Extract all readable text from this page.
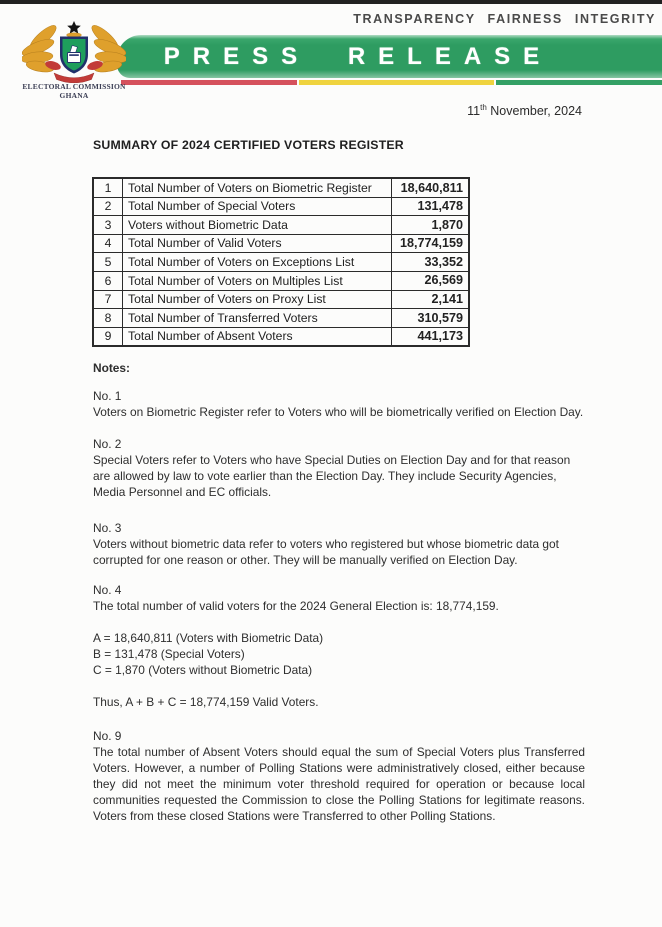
TRANSPARENCY FAIRNESS INTEGRITY
PRESS RELEASE
ELECTORAL COMMISSION
GHANA
11th November, 2024
SUMMARY OF 2024 CERTIFIED VOTERS REGISTER
1	Total Number of Voters on Biometric Register	18,640,811
2	Total Number of Special Voters	131,478
3	Voters without Biometric Data	1,870
4	Total Number of Valid Voters	18,774,159
5	Total Number of Voters on Exceptions List	33,352
6	Total Number of Voters on Multiples List	26,569
7	Total Number of Voters on Proxy List	2,141
8	Total Number of Transferred Voters	310,579
9	Total Number of Absent Voters	441,173
Notes:
No. 1
Voters on Biometric Register refer to Voters who will be biometrically verified on Election Day.
No. 2
Special Voters refer to Voters who have Special Duties on Election Day and for that reason are allowed by law to vote earlier than the Election Day. They include Security Agencies, Media Personnel and EC officials.
No. 3
Voters without biometric data refer to voters who registered but whose biometric data got corrupted for one reason or other. They will be manually verified on Election Day.
No. 4
The total number of valid voters for the 2024 General Election is: 18,774,159.
A = 18,640,811 (Voters with Biometric Data)
B = 131,478 (Special Voters)
C = 1,870 (Voters without Biometric Data)
Thus, A + B + C = 18,774,159 Valid Voters.
No. 9
The total number of Absent Voters should equal the sum of Special Voters plus Transferred Voters. However, a number of Polling Stations were administratively closed, either because they did not meet the minimum voter threshold required for operation or because local communities requested the Commission to close the Polling Stations for legitimate reasons. Voters from these closed Stations were Transferred to other Polling Stations.
